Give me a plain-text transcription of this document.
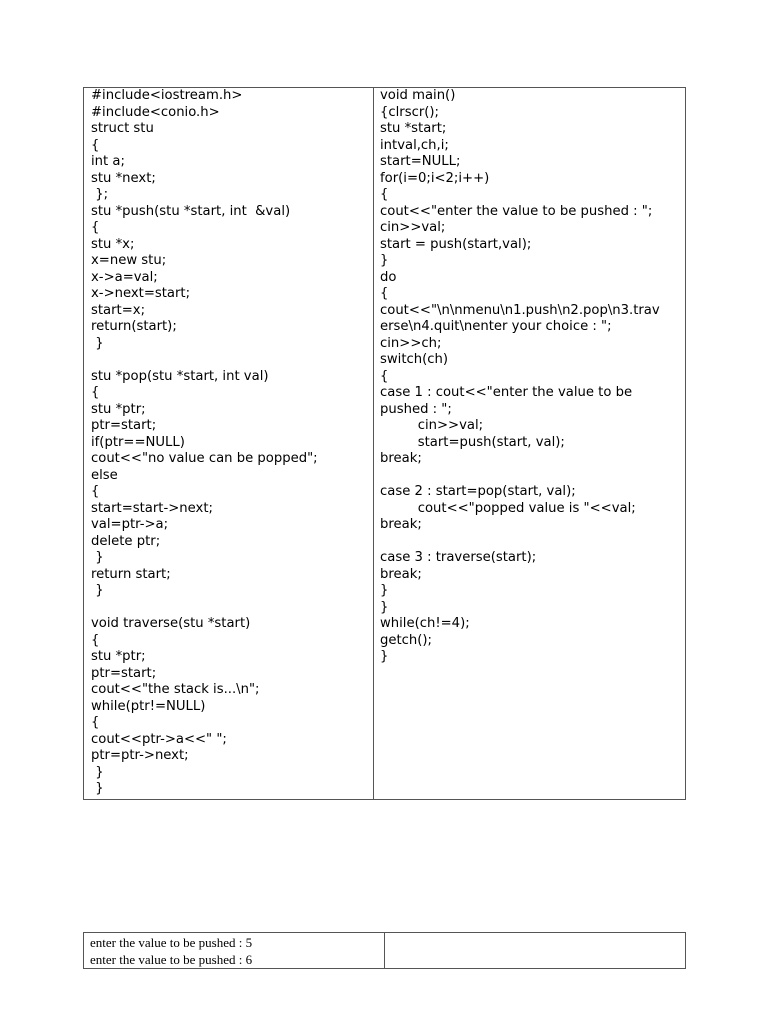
#include<iostream.h>
#include<conio.h>
struct stu
{
int a;
stu *next;
};
stu *push(stu *start, int  &val)
{
stu *x;
x=new stu;
x->a=val;
x->next=start;
start=x;
return(start);
}
stu *pop(stu *start, int val)
{
stu *ptr;
ptr=start;
if(ptr==NULL)
cout<<"no value can be popped";
else
{
start=start->next;
val=ptr->a;
delete ptr;
}
return start;
}
void traverse(stu *start)
{
stu *ptr;
ptr=start;
cout<<"the stack is...\n";
while(ptr!=NULL)
{
cout<<ptr->a<<" ";
ptr=ptr->next;
}
}
void main()
{clrscr();
stu *start;
intval,ch,i;
start=NULL;
for(i=0;i<2;i++)
{
cout<<"enter the value to be pushed : ";
cin>>val;
start = push(start,val);
}
do
{
cout<<"\n\nmenu\n1.push\n2.pop\n3.trav
erse\n4.quit\nenter your choice : ";
cin>>ch;
switch(ch)
{
case 1 : cout<<"enter the value to be
pushed : ";
cin>>val;
start=push(start, val);
break;
case 2 : start=pop(start, val);
cout<<"popped value is "<<val;
break;
case 3 : traverse(start);
break;
}
}
while(ch!=4);
getch();
}
enter the value to be pushed : 5
enter the value to be pushed : 6
